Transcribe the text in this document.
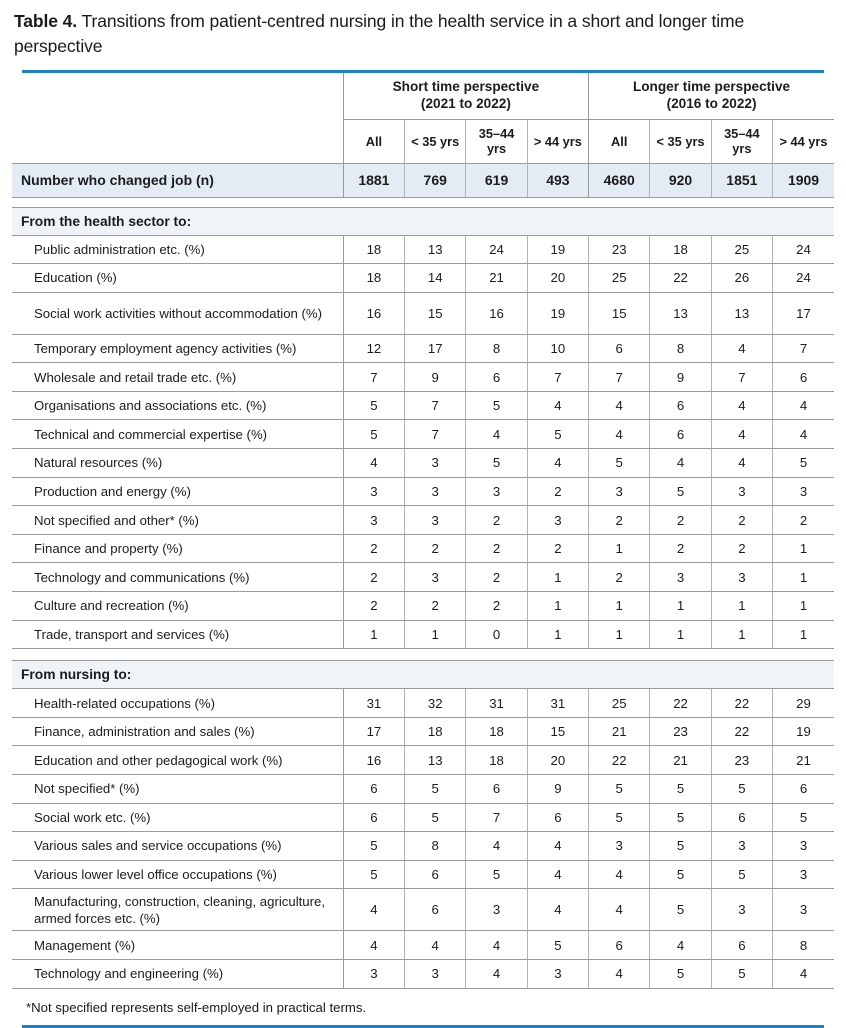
Table 4. Transitions from patient-centred nursing in the health service in a short and longer time perspective

Short time perspective
(2021 to 2022)

Longer time perspective
(2016 to 2022)

	All	< 35 yrs	35–44 yrs	> 44 yrs	All	< 35 yrs	35–44 yrs	> 44 yrs
Number who changed job (n)	1881	769	619	493	4680	920	1851	1909

From the health sector to:								
Public administration etc. (%)	18	13	24	19	23	18	25	24
Education (%)	18	14	21	20	25	22	26	24
Social work activities without accommodation (%)	16	15	16	19	15	13	13	17
Temporary employment agency activities (%)	12	17	8	10	6	8	4	7
Wholesale and retail trade etc. (%)	7	9	6	7	7	9	7	6
Organisations and associations etc. (%)	5	7	5	4	4	6	4	4
Technical and commercial expertise (%)	5	7	4	5	4	6	4	4
Natural resources (%)	4	3	5	4	5	4	4	5
Production and energy (%)	3	3	3	2	3	5	3	3
Not specified and other* (%)	3	3	2	3	2	2	2	2
Finance and property (%)	2	2	2	2	1	2	2	1
Technology and communications (%)	2	3	2	1	2	3	3	1
Culture and recreation (%)	2	2	2	1	1	1	1	1
Trade, transport and services (%)	1	1	0	1	1	1	1	1

From nursing to:								
Health-related occupations (%)	31	32	31	31	25	22	22	29
Finance, administration and sales (%)	17	18	18	15	21	23	22	19
Education and other pedagogical work (%)	16	13	18	20	22	21	23	21
Not specified* (%)	6	5	6	9	5	5	5	6
Social work etc. (%)	6	5	7	6	5	5	6	5
Various sales and service occupations (%)	5	8	4	4	3	5	3	3
Various lower level office occupations (%)	5	6	5	4	4	5	5	3
Manufacturing, construction, cleaning, agriculture, armed forces etc. (%)	4	6	3	4	4	5	3	3
Management (%)	4	4	4	5	6	4	6	8
Technology and engineering (%)	3	3	4	3	4	5	5	4
*Not specified represents self-employed in practical terms.
